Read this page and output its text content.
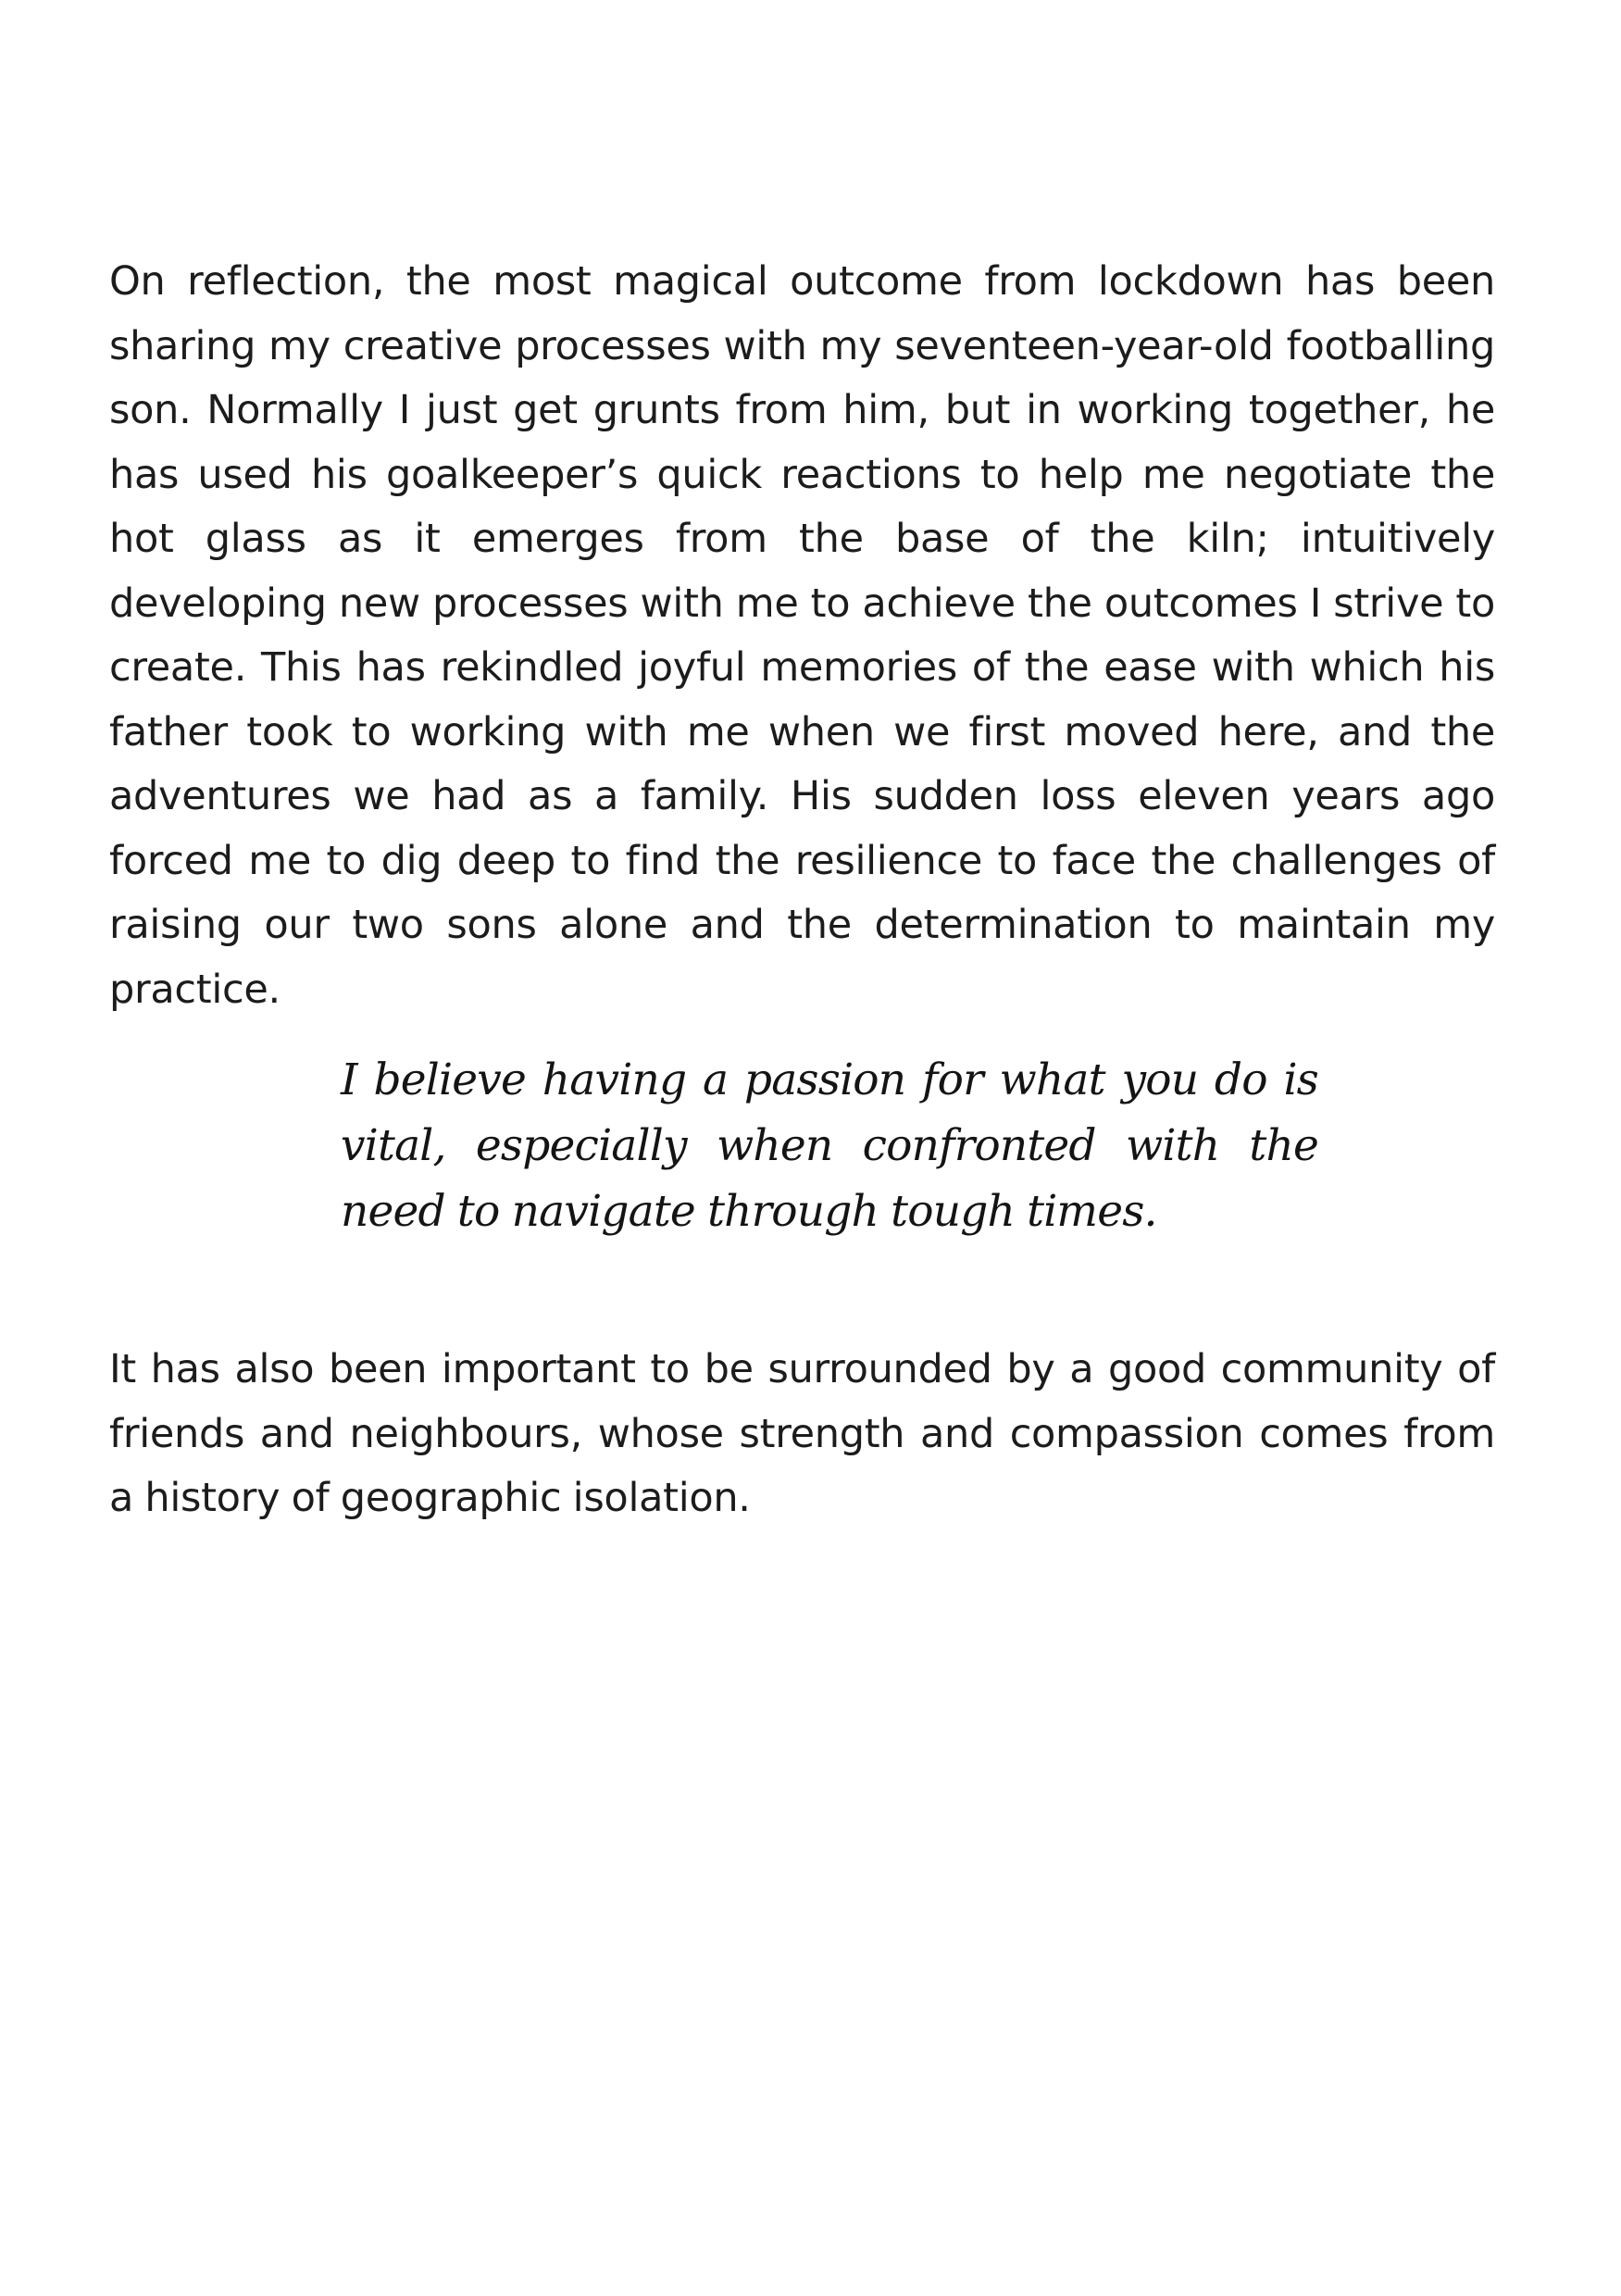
On reflection, the most magical outcome from lockdown has been sharing my creative processes with my seventeen-year-old footballing son. Normally I just get grunts from him, but in working together, he has used his goalkeeper’s quick reactions to help me negotiate the hot glass as it emerges from the base of the kiln; intuitively developing new processes with me to achieve the outcomes I strive to create. This has rekindled joyful memories of the ease with which his father took to working with me when we first moved here, and the adventures we had as a family. His sudden loss eleven years ago forced me to dig deep to find the resilience to face the challenges of raising our two sons alone and the determination to maintain my practice.

I believe having a passion for what you do is vital, especially when confronted with the need to navigate through tough times.

It has also been important to be surrounded by a good community of friends and neighbours, whose strength and compassion comes from a history of geographic isolation.
